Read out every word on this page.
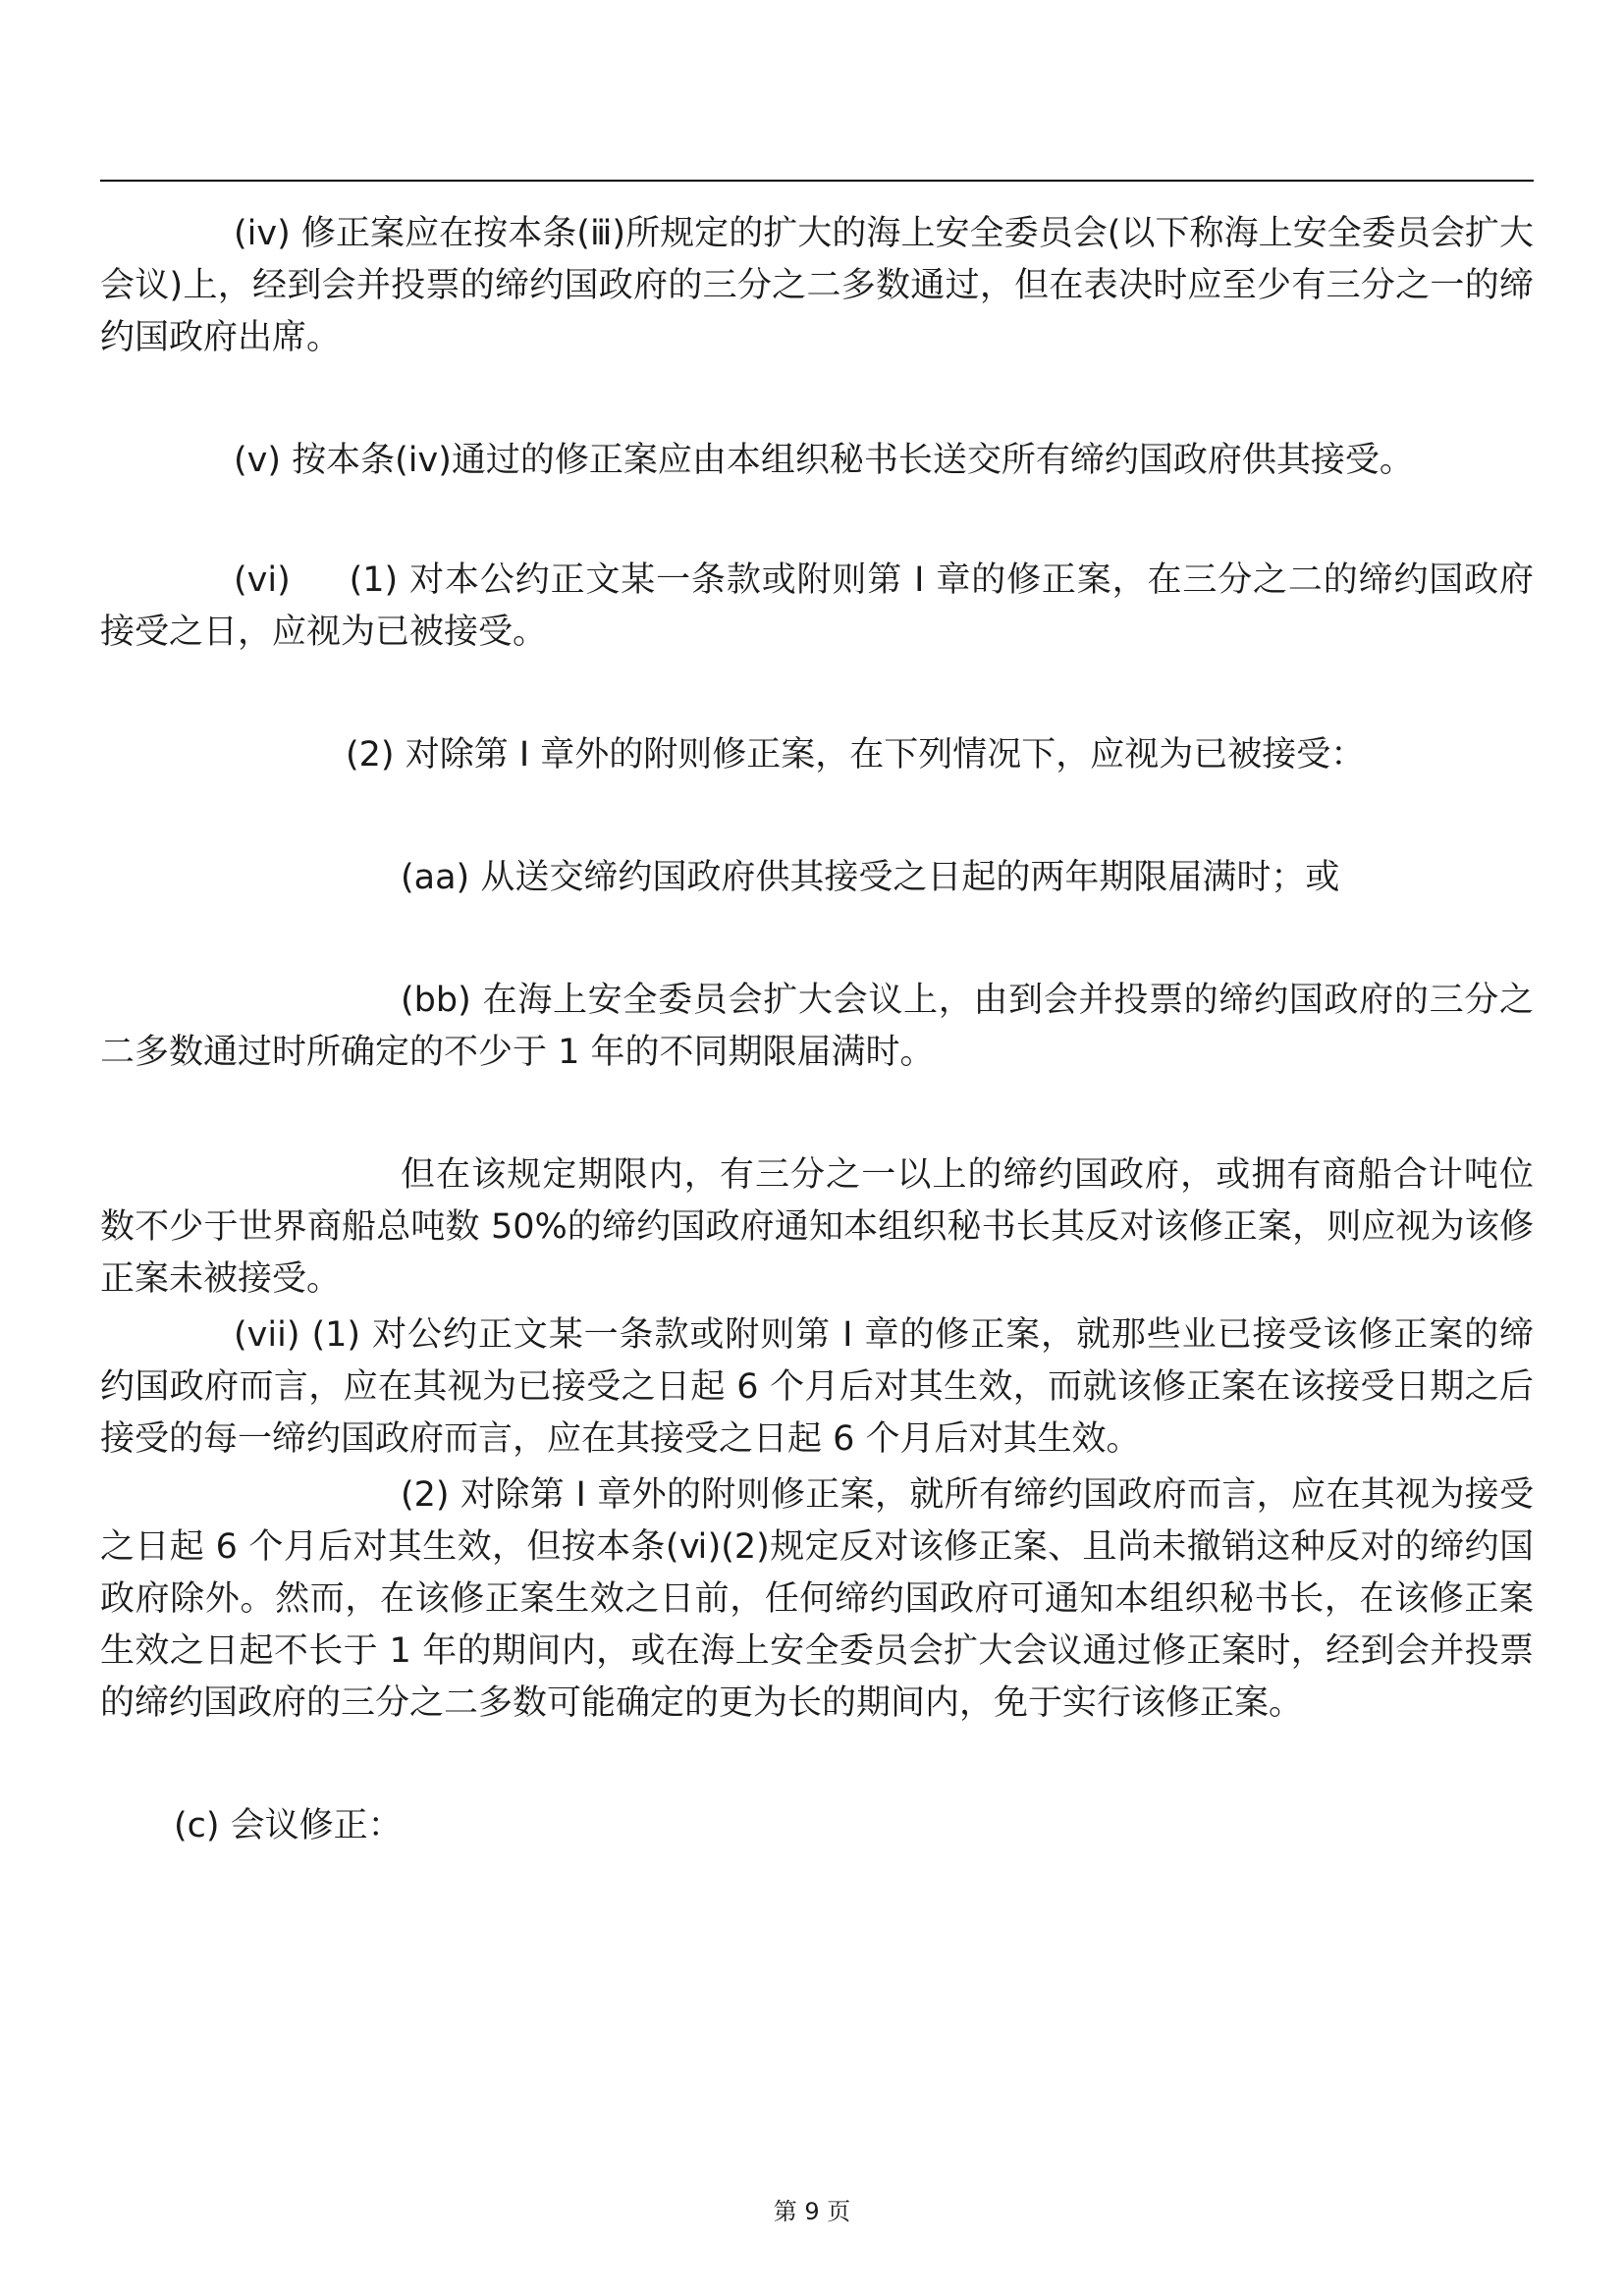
(iv) 修正案应在按本条(ⅲ)所规定的扩大的海上安全委员会(以下称海上安全委员会扩大会议)上，经到会并投票的缔约国政府的三分之二多数通过，但在表决时应至少有三分之一的缔约国政府出席。

(v) 按本条(iv)通过的修正案应由本组织秘书长送交所有缔约国政府供其接受。

(vi)     (1) 对本公约正文某一条款或附则第 I 章的修正案，在三分之二的缔约国政府接受之日，应视为已被接受。

(2) 对除第 I 章外的附则修正案，在下列情况下，应视为已被接受：

(aa) 从送交缔约国政府供其接受之日起的两年期限届满时；或

(bb) 在海上安全委员会扩大会议上，由到会并投票的缔约国政府的三分之二多数通过时所确定的不少于 1 年的不同期限届满时。

但在该规定期限内，有三分之一以上的缔约国政府，或拥有商船合计吨位数不少于世界商船总吨数 50%的缔约国政府通知本组织秘书长其反对该修正案，则应视为该修正案未被接受。

(vii) (1) 对公约正文某一条款或附则第 I 章的修正案，就那些业已接受该修正案的缔约国政府而言，应在其视为已接受之日起 6 个月后对其生效，而就该修正案在该接受日期之后接受的每一缔约国政府而言，应在其接受之日起 6 个月后对其生效。

(2) 对除第 I 章外的附则修正案，就所有缔约国政府而言，应在其视为接受之日起 6 个月后对其生效，但按本条(ⅵ)(2)规定反对该修正案、且尚未撤销这种反对的缔约国政府除外。然而，在该修正案生效之日前，任何缔约国政府可通知本组织秘书长，在该修正案生效之日起不长于 1 年的期间内，或在海上安全委员会扩大会议通过修正案时，经到会并投票的缔约国政府的三分之二多数可能确定的更为长的期间内，免于实行该修正案。

(c) 会议修正：

第 9 页
